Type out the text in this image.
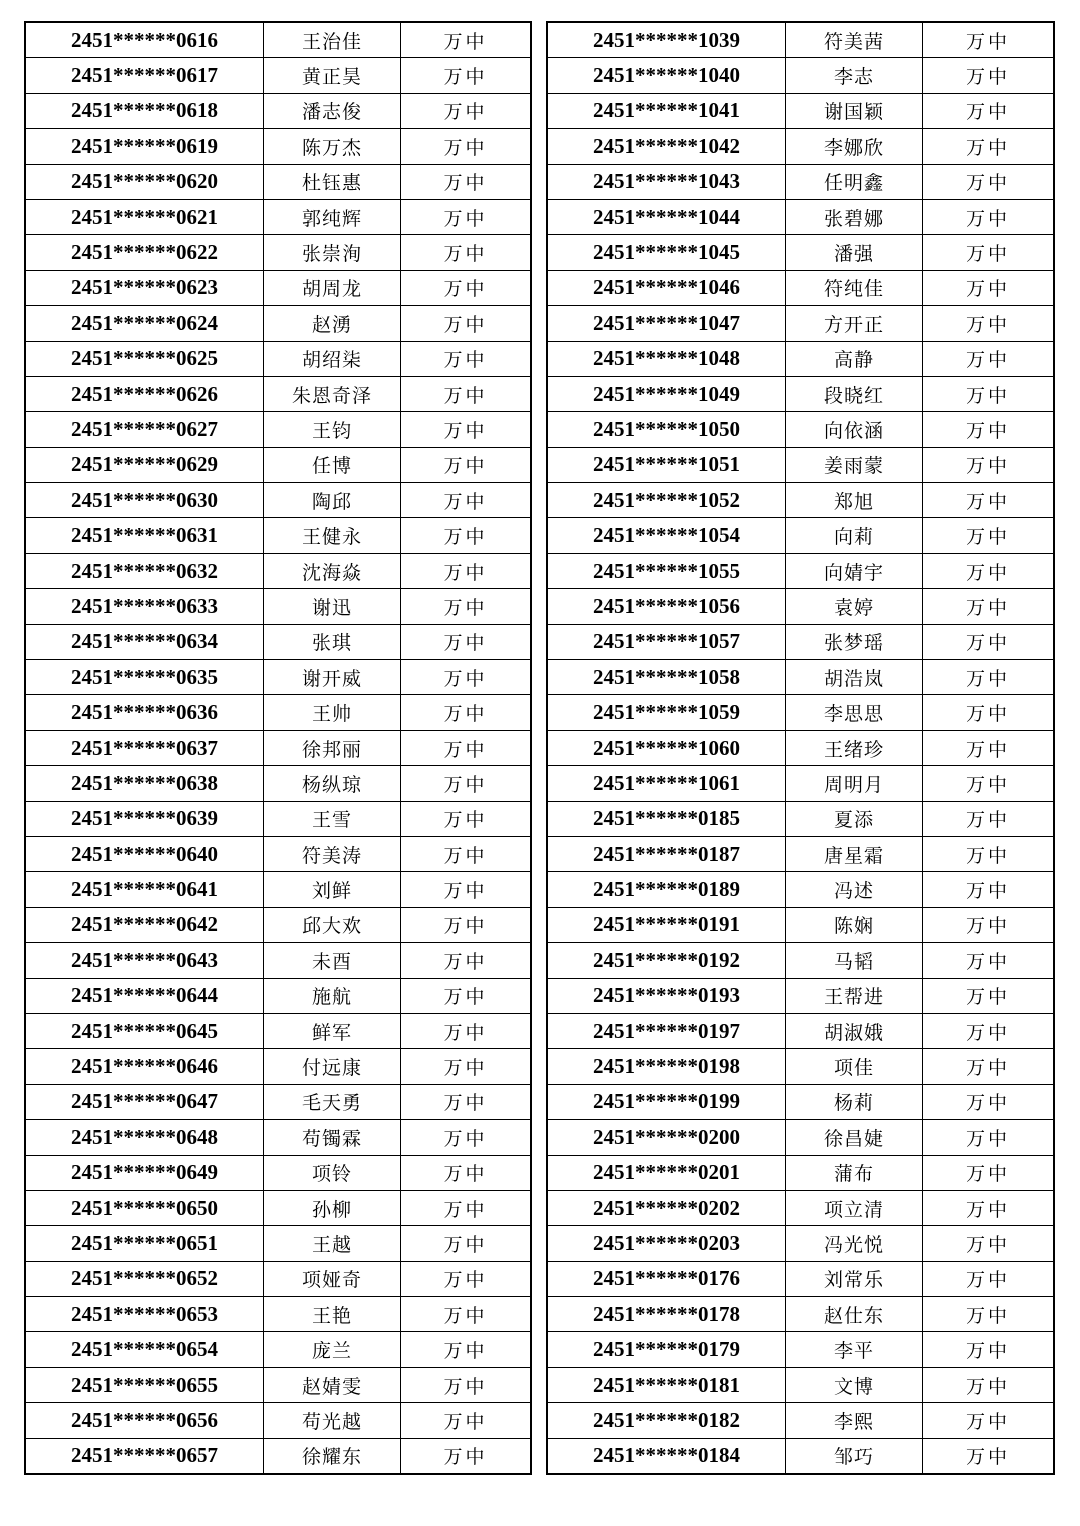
2451******0616	王治佳	万中
2451******0617	黄正昊	万中
2451******0618	潘志俊	万中
2451******0619	陈万杰	万中
2451******0620	杜钰惠	万中
2451******0621	郭纯辉	万中
2451******0622	张崇洵	万中
2451******0623	胡周龙	万中
2451******0624	赵湧	万中
2451******0625	胡绍柒	万中
2451******0626	朱恩奇泽	万中
2451******0627	王钧	万中
2451******0629	任博	万中
2451******0630	陶邱	万中
2451******0631	王健永	万中
2451******0632	沈海焱	万中
2451******0633	谢迅	万中
2451******0634	张琪	万中
2451******0635	谢开威	万中
2451******0636	王帅	万中
2451******0637	徐邦丽	万中
2451******0638	杨纵琼	万中
2451******0639	王雪	万中
2451******0640	符美涛	万中
2451******0641	刘鲜	万中
2451******0642	邱大欢	万中
2451******0643	未酉	万中
2451******0644	施航	万中
2451******0645	鲜军	万中
2451******0646	付远康	万中
2451******0647	毛天勇	万中
2451******0648	苟镯霖	万中
2451******0649	项铃	万中
2451******0650	孙柳	万中
2451******0651	王越	万中
2451******0652	项娅奇	万中
2451******0653	王艳	万中
2451******0654	庞兰	万中
2451******0655	赵婧雯	万中
2451******0656	苟光越	万中
2451******0657	徐耀东	万中
2451******1039	符美茜	万中
2451******1040	李志	万中
2451******1041	谢国颖	万中
2451******1042	李娜欣	万中
2451******1043	任明鑫	万中
2451******1044	张碧娜	万中
2451******1045	潘强	万中
2451******1046	符纯佳	万中
2451******1047	方开正	万中
2451******1048	高静	万中
2451******1049	段晓红	万中
2451******1050	向依涵	万中
2451******1051	姜雨蒙	万中
2451******1052	郑旭	万中
2451******1054	向莉	万中
2451******1055	向婧宇	万中
2451******1056	袁婷	万中
2451******1057	张梦瑶	万中
2451******1058	胡浩岚	万中
2451******1059	李思思	万中
2451******1060	王绪珍	万中
2451******1061	周明月	万中
2451******0185	夏添	万中
2451******0187	唐星霜	万中
2451******0189	冯述	万中
2451******0191	陈娴	万中
2451******0192	马韬	万中
2451******0193	王帮进	万中
2451******0197	胡淑娥	万中
2451******0198	项佳	万中
2451******0199	杨莉	万中
2451******0200	徐昌婕	万中
2451******0201	蒲布	万中
2451******0202	项立清	万中
2451******0203	冯光悦	万中
2451******0176	刘常乐	万中
2451******0178	赵仕东	万中
2451******0179	李平	万中
2451******0181	文博	万中
2451******0182	李熙	万中
2451******0184	邹巧	万中
